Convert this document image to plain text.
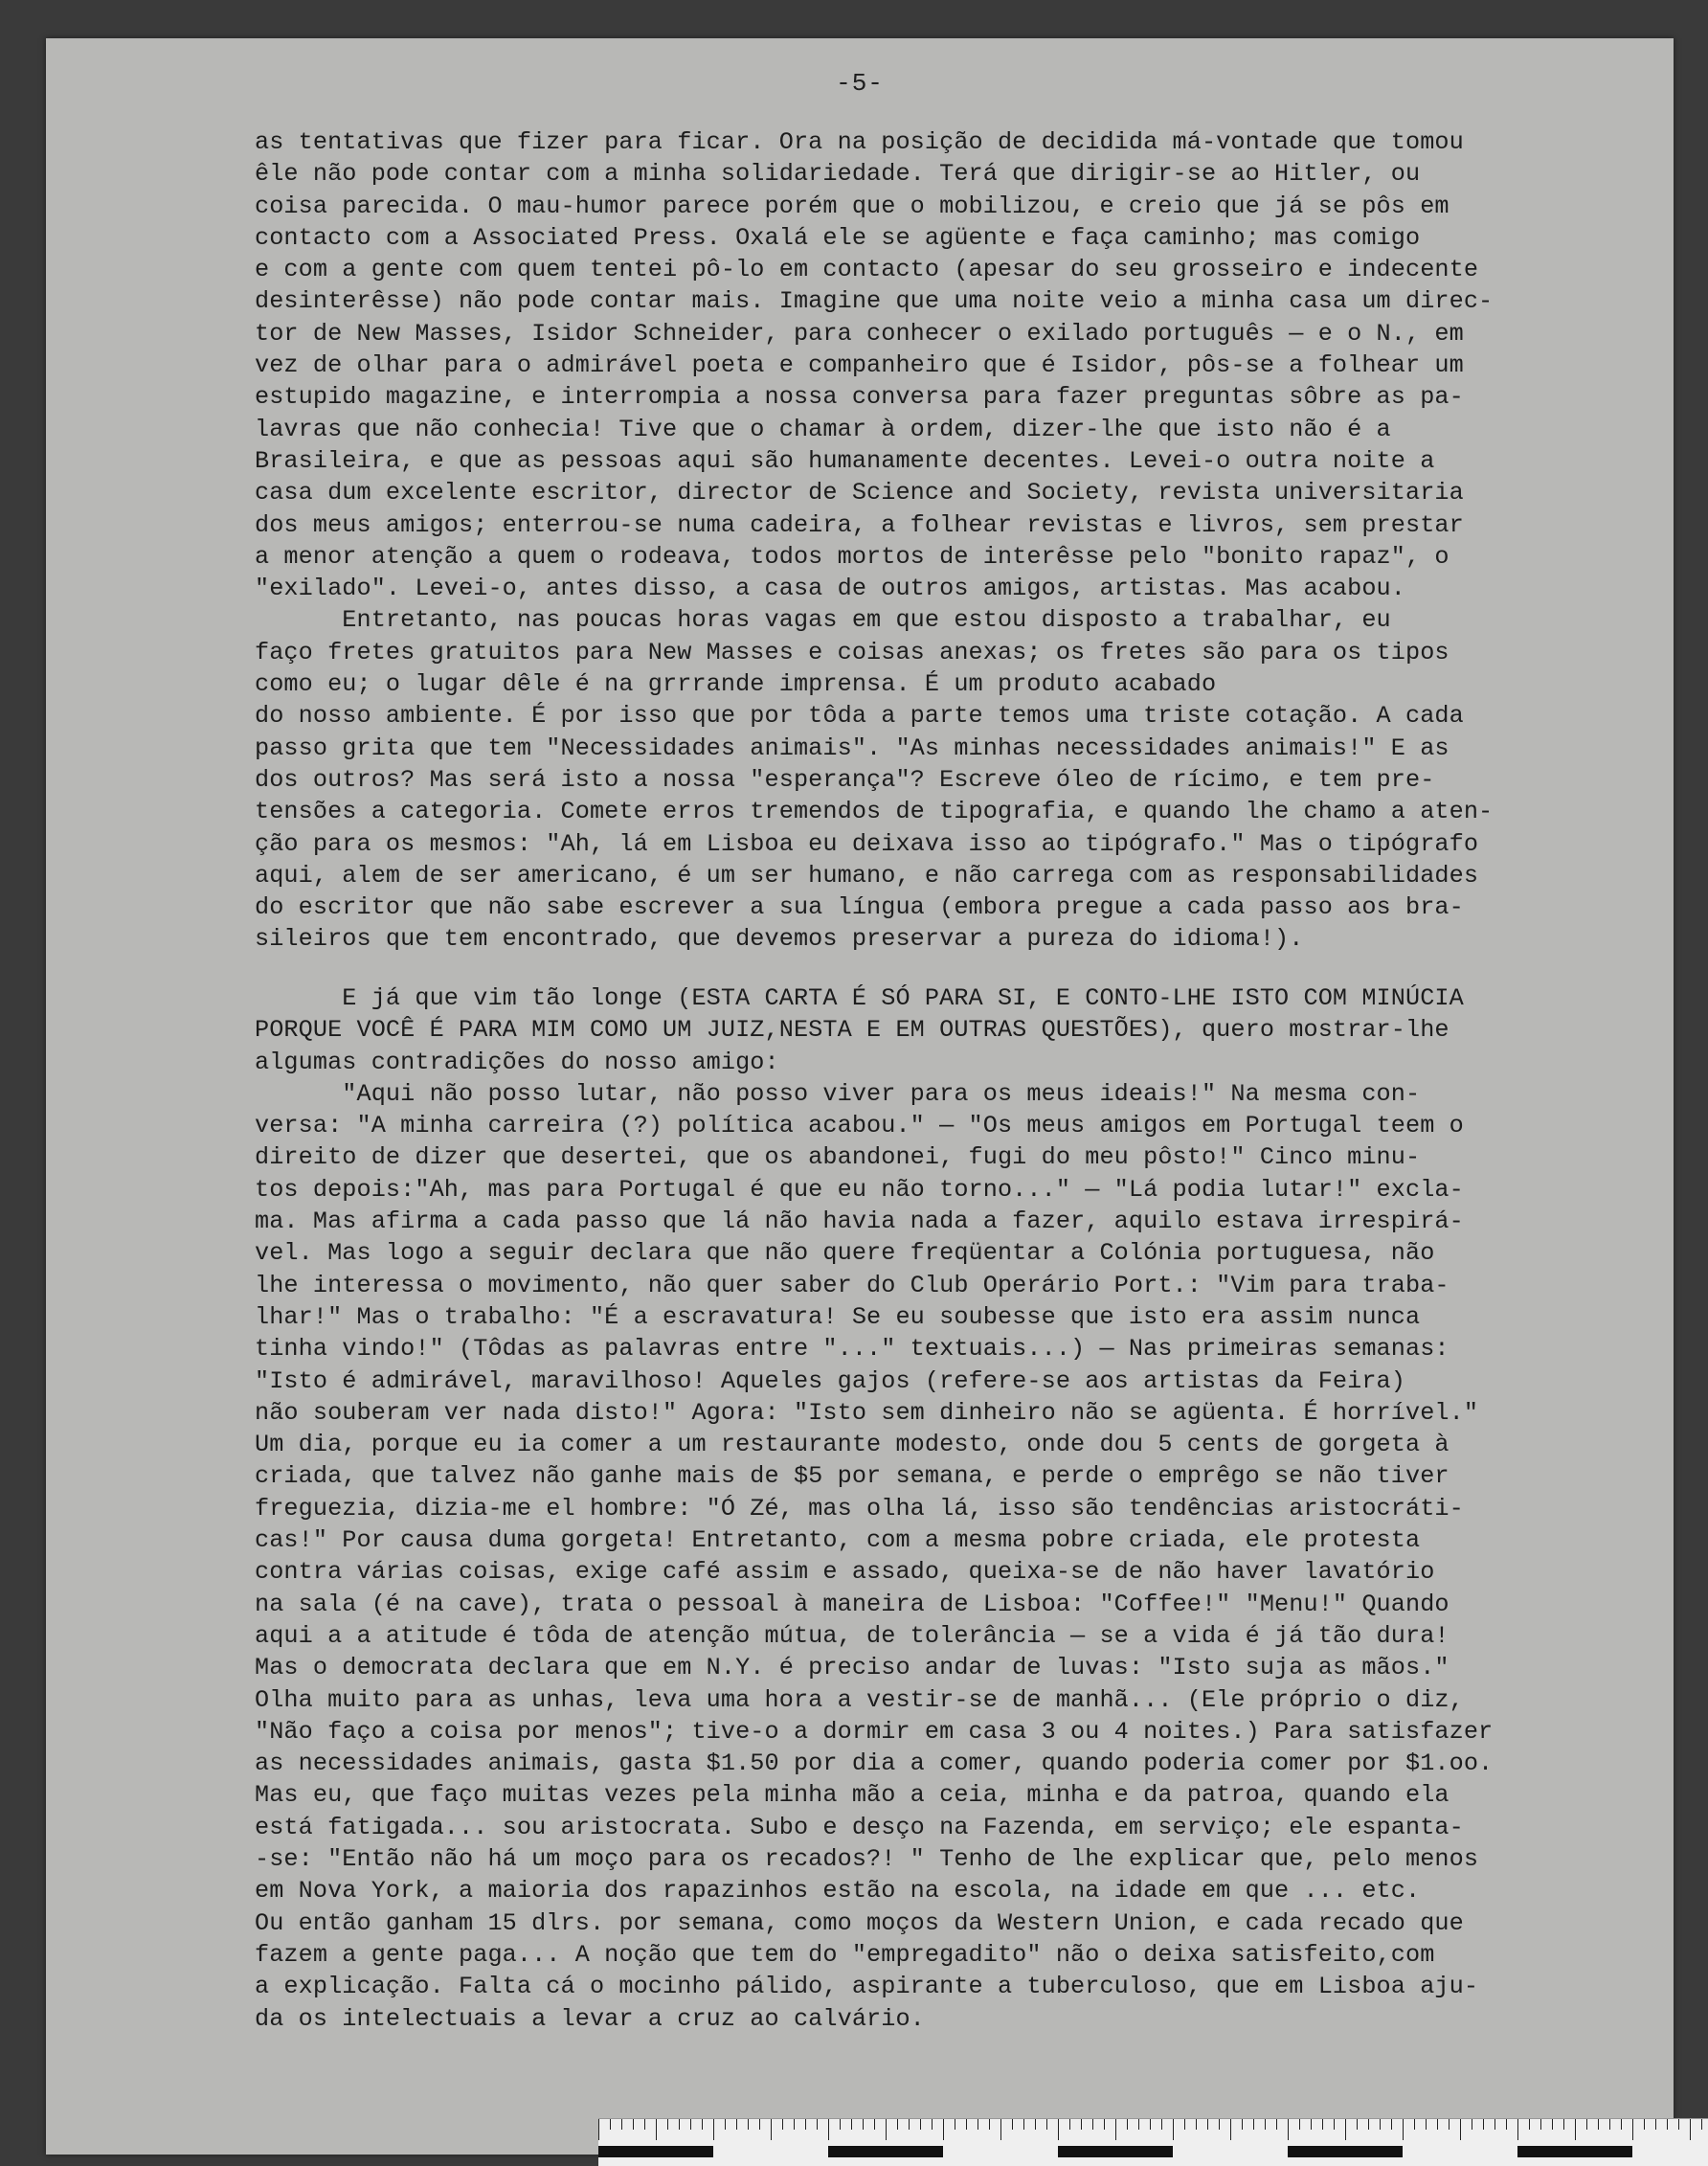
-5-
as tentativas que fizer para ficar. Ora na posição de decidida má-vontade que tomou
êle não pode contar com a minha solidariedade. Terá que dirigir-se ao Hitler, ou
coisa parecida. O mau-humor parece porém que o mobilizou, e creio que já se pôs em
contacto com a Associated Press. Oxalá ele se agüente e faça caminho; mas comigo
e com a gente com quem tentei pô-lo em contacto (apesar do seu grosseiro e indecente
desinterêsse) não pode contar mais. Imagine que uma noite veio a minha casa um direc-
tor de New Masses, Isidor Schneider, para conhecer o exilado português — e o N., em
vez de olhar para o admirável poeta e companheiro que é Isidor, pôs-se a folhear um
estupido magazine, e interrompia a nossa conversa para fazer preguntas sôbre as pa-
lavras que não conhecia! Tive que o chamar à ordem, dizer-lhe que isto não é a
Brasileira, e que as pessoas aqui são humanamente decentes. Levei-o outra noite a
casa dum excelente escritor, director de Science and Society, revista universitaria
dos meus amigos; enterrou-se numa cadeira, a folhear revistas e livros, sem prestar
a menor atenção a quem o rodeava, todos mortos de interêsse pelo "bonito rapaz", o
"exilado". Levei-o, antes disso, a casa de outros amigos, artistas. Mas acabou.
Entretanto, nas poucas horas vagas em que estou disposto a trabalhar, eu
faço fretes gratuitos para New Masses e coisas anexas; os fretes são para os tipos
como eu; o lugar dêle é na grrrande imprensa. É um produto acabado
do nosso ambiente. É por isso que por tôda a parte temos uma triste cotação. A cada
passo grita que tem "Necessidades animais". "As minhas necessidades animais!" E as
dos outros? Mas será isto a nossa "esperança"? Escreve óleo de rícimo, e tem pre-
tensões a categoria. Comete erros tremendos de tipografia, e quando lhe chamo a aten-
ção para os mesmos: "Ah, lá em Lisboa eu deixava isso ao tipógrafo." Mas o tipógrafo
aqui, alem de ser americano, é um ser humano, e não carrega com as responsabilidades
do escritor que não sabe escrever a sua língua (embora pregue a cada passo aos bra-
sileiros que tem encontrado, que devemos preservar a pureza do idioma!).
E já que vim tão longe (ESTA CARTA É SÓ PARA SI, E CONTO-LHE ISTO COM MINÚCIA
PORQUE VOCÊ É PARA MIM COMO UM JUIZ,NESTA E EM OUTRAS QUESTÕES), quero mostrar-lhe
algumas contradições do nosso amigo:
"Aqui não posso lutar, não posso viver para os meus ideais!" Na mesma con-
versa: "A minha carreira (?) política acabou." — "Os meus amigos em Portugal teem o
direito de dizer que desertei, que os abandonei, fugi do meu pôsto!" Cinco minu-
tos depois:"Ah, mas para Portugal é que eu não torno..." — "Lá podia lutar!" excla-
ma. Mas afirma a cada passo que lá não havia nada a fazer, aquilo estava irrespirá-
vel. Mas logo a seguir declara que não quere freqüentar a Colónia portuguesa, não
lhe interessa o movimento, não quer saber do Club Operário Port.: "Vim para traba-
lhar!" Mas o trabalho: "É a escravatura! Se eu soubesse que isto era assim nunca
tinha vindo!" (Tôdas as palavras entre "..." textuais...) — Nas primeiras semanas:
"Isto é admirável, maravilhoso! Aqueles gajos (refere-se aos artistas da Feira)
não souberam ver nada disto!" Agora: "Isto sem dinheiro não se agüenta. É horrível."
Um dia, porque eu ia comer a um restaurante modesto, onde dou 5 cents de gorgeta à
criada, que talvez não ganhe mais de $5 por semana, e perde o emprêgo se não tiver
freguezia, dizia-me el hombre: "Ó Zé, mas olha lá, isso são tendências aristocráti-
cas!" Por causa duma gorgeta! Entretanto, com a mesma pobre criada, ele protesta
contra várias coisas, exige café assim e assado, queixa-se de não haver lavatório
na sala (é na cave), trata o pessoal à maneira de Lisboa: "Coffee!" "Menu!" Quando
aqui a a atitude é tôda de atenção mútua, de tolerância — se a vida é já tão dura!
Mas o democrata declara que em N.Y. é preciso andar de luvas: "Isto suja as mãos."
Olha muito para as unhas, leva uma hora a vestir-se de manhã... (Ele próprio o diz,
"Não faço a coisa por menos"; tive-o a dormir em casa 3 ou 4 noites.) Para satisfazer
as necessidades animais, gasta $1.50 por dia a comer, quando poderia comer por $1.oo.
Mas eu, que faço muitas vezes pela minha mão a ceia, minha e da patroa, quando ela
está fatigada... sou aristocrata. Subo e desço na Fazenda, em serviço; ele espanta-
-se: "Então não há um moço para os recados?! " Tenho de lhe explicar que, pelo menos
em Nova York, a maioria dos rapazinhos estão na escola, na idade em que ... etc.
Ou então ganham 15 dlrs. por semana, como moços da Western Union, e cada recado que
fazem a gente paga... A noção que tem do "empregadito" não o deixa satisfeito,com
a explicação. Falta cá o mocinho pálido, aspirante a tuberculoso, que em Lisboa aju-
da os intelectuais a levar a cruz ao calvário.
